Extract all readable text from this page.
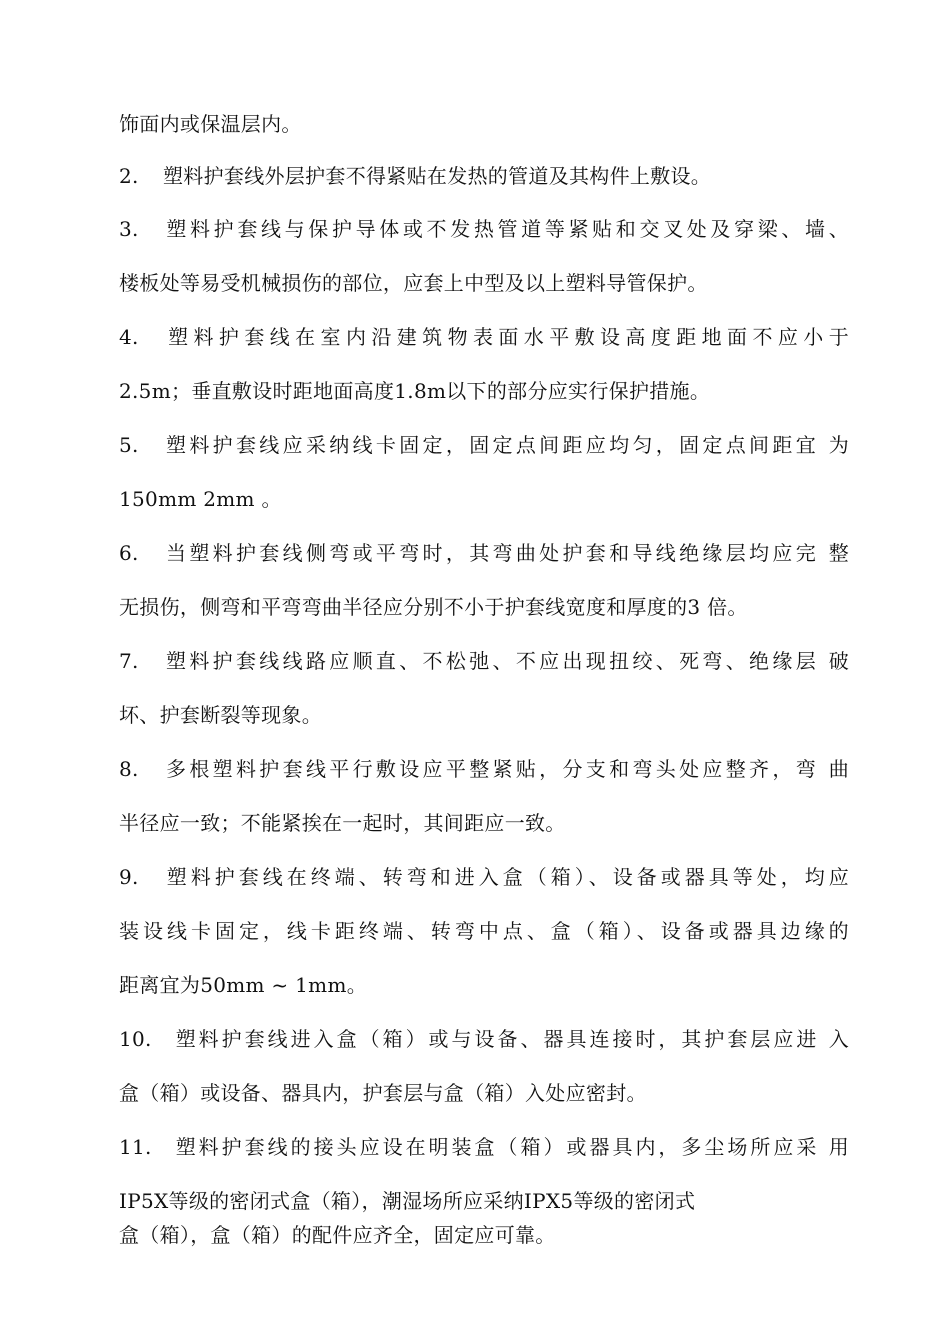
饰面内或保温层内。
2. 塑料护套线外层护套不得紧贴在发热的管道及其构件上敷设。
3. 塑料护套线与保护导体或不发热管道等紧贴和交叉处及穿梁、墙、
楼板处等易受机械损伤的部位，应套上中型及以上塑料导管保护。
4. 塑料护套线在室内沿建筑物表面水平敷设高度距地面不应小于
2.5m；垂直敷设时距地面高度1.8m以下的部分应实行保护措施。
5. 塑料护套线应采纳线卡固定，固定点间距应均匀，固定点间距宜 为
150mm 2mm 。
6. 当塑料护套线侧弯或平弯时，其弯曲处护套和导线绝缘层均应完 整
无损伤，侧弯和平弯弯曲半径应分别不小于护套线宽度和厚度的3 倍。
7. 塑料护套线线路应顺直、不松弛、不应出现扭绞、死弯、绝缘层 破
坏、护套断裂等现象。
8. 多根塑料护套线平行敷设应平整紧贴，分支和弯头处应整齐，弯 曲
半径应一致；不能紧挨在一起时，其间距应一致。
9. 塑料护套线在终端、转弯和进入盒（箱）、设备或器具等处，均应
装设线卡固定，线卡距终端、转弯中点、盒（箱）、设备或器具边缘的
距离宜为50mm ~ 1mm。
10. 塑料护套线进入盒（箱）或与设备、器具连接时，其护套层应进 入
盒（箱）或设备、器具内，护套层与盒（箱）入处应密封。
11. 塑料护套线的接头应设在明装盒（箱）或器具内，多尘场所应采 用
IP5X等级的密闭式盒（箱），潮湿场所应采纳IPX5等级的密闭式
盒（箱），盒（箱）的配件应齐全，固定应可靠。
